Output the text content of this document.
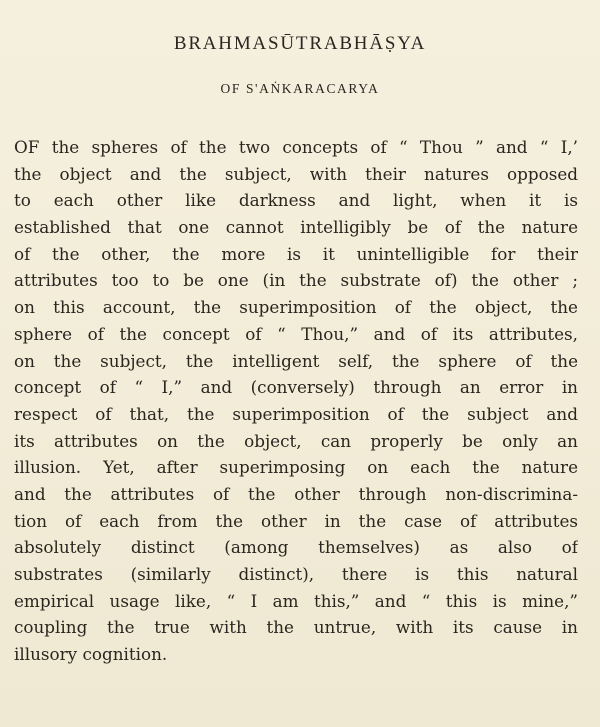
BRAHMASŪTRABHĀṢYA
OF S'AṄKARACARYA
OF the spheres of the two concepts of “ Thou ” and “ I,’
the object and the subject, with their natures opposed
to each other like darkness and light, when it is
established that one cannot intelligibly be of the nature
of the other, the more is it unintelligible for their
attributes too to be one (in the substrate of) the other ;
on this account, the superimposition of the object, the
sphere of the concept of “ Thou,” and of its attributes,
on the subject, the intelligent self, the sphere of the
concept of “ I,” and (conversely) through an error in
respect of that, the superimposition of the subject and
its attributes on the object, can properly be only an
illusion. Yet, after superimposing on each the nature
and the attributes of the other through non-discrimina-
tion of each from the other in the case of attributes
absolutely distinct (among themselves) as also of
substrates (similarly distinct), there is this natural
empirical usage like, “ I am this,” and “ this is mine,”
coupling the true with the untrue, with its cause in
illusory cognition.
